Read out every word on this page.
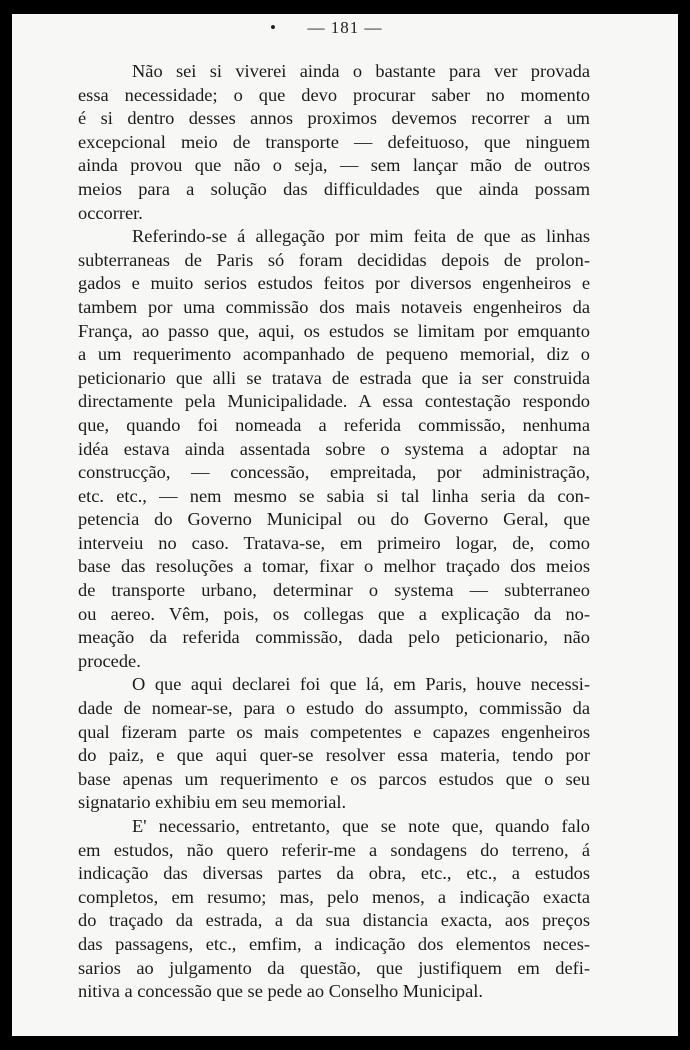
• — 181 —
Não sei si viverei ainda o bastante para ver provada
essa necessidade; o que devo procurar saber no momento
é si dentro desses annos proximos devemos recorrer a um
excepcional meio de transporte — defeituoso, que ninguem
ainda provou que não o seja, — sem lançar mão de outros
meios para a solução das difficuldades que ainda possam
occorrer.
Referindo-se á allegação por mim feita de que as linhas
subterraneas de Paris só foram decididas depois de prolon-
gados e muito serios estudos feitos por diversos engenheiros e
tambem por uma commissão dos mais notaveis engenheiros da
França, ao passo que, aqui, os estudos se limitam por emquanto
a um requerimento acompanhado de pequeno memorial, diz o
peticionario que alli se tratava de estrada que ia ser construida
directamente pela Municipalidade. A essa contestação respondo
que, quando foi nomeada a referida commissão, nenhuma
idéa estava ainda assentada sobre o systema a adoptar na
construcção, — concessão, empreitada, por administração,
etc. etc., — nem mesmo se sabia si tal linha seria da con-
petencia do Governo Municipal ou do Governo Geral, que
interveiu no caso. Tratava-se, em primeiro logar, de, como
base das resoluções a tomar, fixar o melhor traçado dos meios
de transporte urbano, determinar o systema — subterraneo
ou aereo. Vêm, pois, os collegas que a explicação da no-
meação da referida commissão, dada pelo peticionario, não
procede.
O que aqui declarei foi que lá, em Paris, houve necessi-
dade de nomear-se, para o estudo do assumpto, commissão da
qual fizeram parte os mais competentes e capazes engenheiros
do paiz, e que aqui quer-se resolver essa materia, tendo por
base apenas um requerimento e os parcos estudos que o seu
signatario exhibiu em seu memorial.
E' necessario, entretanto, que se note que, quando falo
em estudos, não quero referir-me a sondagens do terreno, á
indicação das diversas partes da obra, etc., etc., a estudos
completos, em resumo; mas, pelo menos, a indicação exacta
do traçado da estrada, a da sua distancia exacta, aos preços
das passagens, etc., emfim, a indicação dos elementos neces-
sarios ao julgamento da questão, que justifiquem em defi-
nitiva a concessão que se pede ao Conselho Municipal.
